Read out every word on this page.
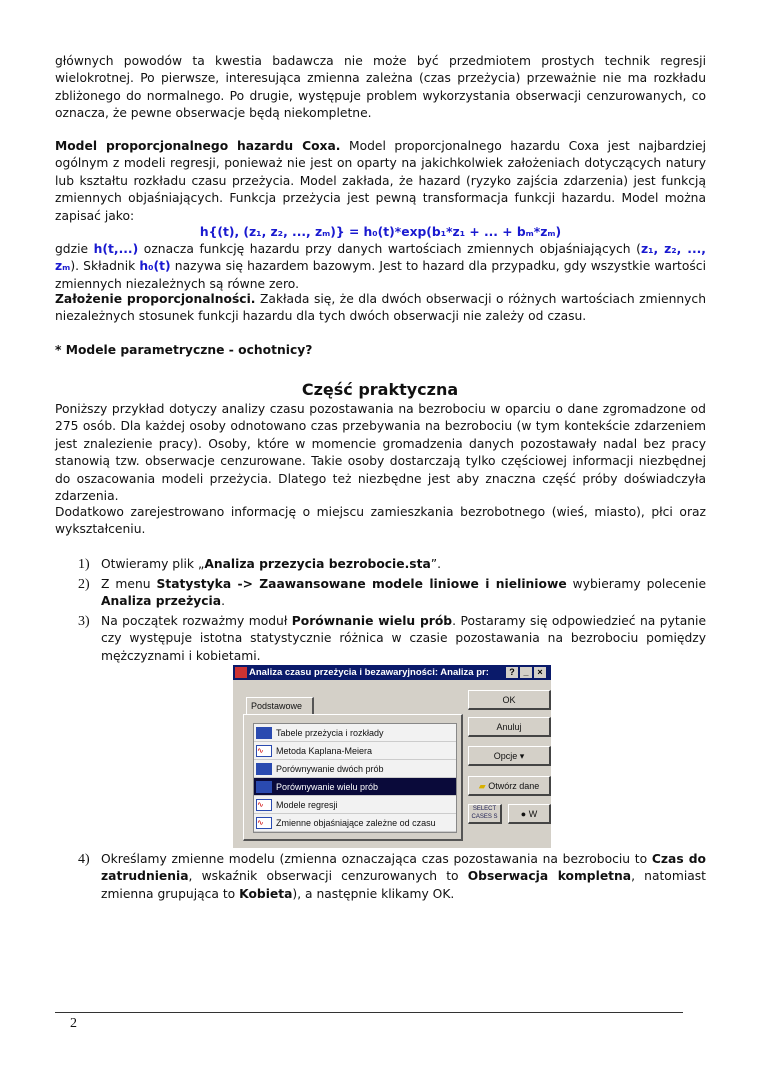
głównych powodów ta kwestia badawcza nie może być przedmiotem prostych technik regresji wielokrotnej. Po pierwsze, interesująca zmienna zależna (czas przeżycia) przeważnie nie ma rozkładu zbliżonego do normalnego. Po drugie, występuje problem wykorzystania obserwacji cenzurowanych, co oznacza, że pewne obserwacje będą niekompletne.
Model proporcjonalnego hazardu Coxa. Model proporcjonalnego hazardu Coxa jest najbardziej ogólnym z modeli regresji, ponieważ nie jest on oparty na jakichkolwiek założeniach dotyczących natury lub kształtu rozkładu czasu przeżycia. Model zakłada, że hazard (ryzyko zajścia zdarzenia) jest funkcją zmiennych objaśniających. Funkcja przeżycia jest pewną transformacja funkcji hazardu. Model można zapisać jako:
h{(t), (z₁, z₂, ..., zₘ)} = h₀(t)*exp(b₁*z₁ + ... + bₘ*zₘ)
gdzie h(t,...) oznacza funkcję hazardu przy danych wartościach zmiennych objaśniających (z₁, z₂, ..., zₘ). Składnik h₀(t) nazywa się hazardem bazowym. Jest to hazard dla przypadku, gdy wszystkie wartości zmiennych niezależnych są równe zero.
Założenie proporcjonalności. Zakłada się, że dla dwóch obserwacji o różnych wartościach zmiennych niezależnych stosunek funkcji hazardu dla tych dwóch obserwacji nie zależy od czasu.
* Modele parametryczne - ochotnicy?
Część praktyczna
Poniższy przykład dotyczy analizy czasu pozostawania na bezrobociu w oparciu o dane zgromadzone od 275 osób. Dla każdej osoby odnotowano czas przebywania na bezrobociu (w tym kontekście zdarzeniem jest znalezienie pracy). Osoby, które w momencie gromadzenia danych pozostawały nadal bez pracy stanowią tzw. obserwacje cenzurowane. Takie osoby dostarczają tylko częściowej informacji niezbędnej do oszacowania modeli przeżycia. Dlatego też niezbędne jest aby znaczna część próby doświadczyła zdarzenia.
Dodatkowo zarejestrowano informację o miejscu zamieszkania bezrobotnego (wieś, miasto), płci oraz wykształceniu.
1) Otwieramy plik „Analiza przezycia bezrobocie.sta”.
2) Z menu Statystyka -> Zaawansowane modele liniowe i nieliniowe wybieramy polecenie Analiza przeżycia.
3) Na początek rozważmy moduł Porównanie wielu prób. Postaramy się odpowiedzieć na pytanie czy występuje istotna statystycznie różnica w czasie pozostawania na bezrobociu pomiędzy mężczyznami i kobietami.
Analiza czasu przeżycia i bezawaryjności: Analiza pr:	? _ ×
Podstawowe
Tabele przeżycia i rozkłady
∿	Metoda Kaplana-Meiera
Porównywanie dwóch prób
Porównywanie wielu prób
∿	Modele regresji
∿	Zmienne objaśniające zależne od czasu
OK
Anuluj
Opcje ▾
▰ Otwórz dane
SELECT CASES S	● W
4) Określamy zmienne modelu (zmienna oznaczająca czas pozostawania na bezrobociu to Czas do zatrudnienia, wskaźnik obserwacji cenzurowanych to Obserwacja kompletna, natomiast zmienna grupująca to Kobieta), a następnie klikamy OK.
2
